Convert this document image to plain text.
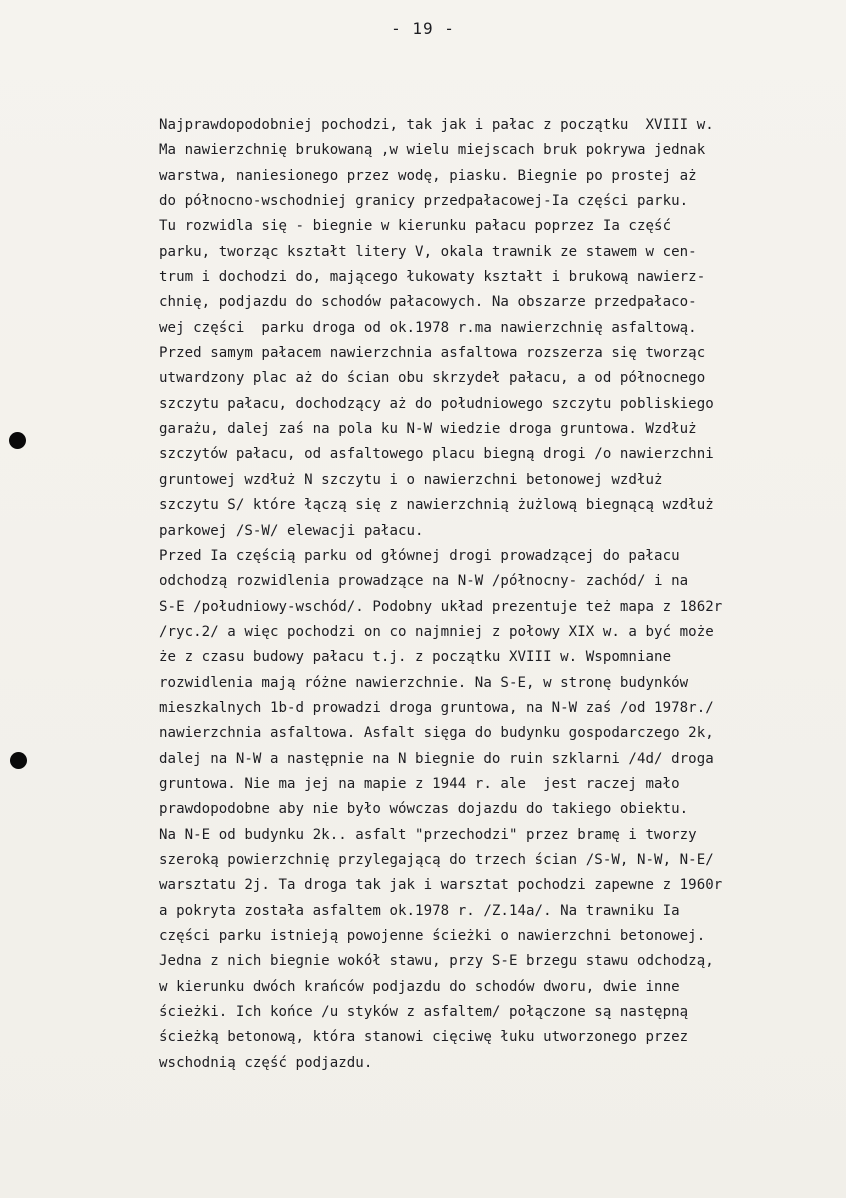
- 19 -
Najprawdopodobniej pochodzi, tak jak i pałac z początku  XVIII w.
Ma nawierzchnię brukowaną ,w wielu miejscach bruk pokrywa jednak
warstwa, naniesionego przez wodę, piasku. Biegnie po prostej aż
do północno-wschodniej granicy przedpałacowej-Ia części parku.
Tu rozwidla się - biegnie w kierunku pałacu poprzez Ia część
parku, tworząc kształt litery V, okala trawnik ze stawem w cen-
trum i dochodzi do, mającego łukowaty kształt i brukową nawierz-
chnię, podjazdu do schodów pałacowych. Na obszarze przedpałaco-
wej części  parku droga od ok.1978 r.ma nawierzchnię asfaltową.
Przed samym pałacem nawierzchnia asfaltowa rozszerza się tworząc
utwardzony plac aż do ścian obu skrzydeł pałacu, a od północnego
szczytu pałacu, dochodzący aż do południowego szczytu pobliskiego
garażu, dalej zaś na pola ku N-W wiedzie droga gruntowa. Wzdłuż
szczytów pałacu, od asfaltowego placu biegną drogi /o nawierzchni
gruntowej wzdłuż N szczytu i o nawierzchni betonowej wzdłuż
szczytu S/ które łączą się z nawierzchnią żużlową biegnącą wzdłuż
parkowej /S-W/ elewacji pałacu.
Przed Ia częścią parku od głównej drogi prowadzącej do pałacu
odchodzą rozwidlenia prowadzące na N-W /północny- zachód/ i na
S-E /południowy-wschód/. Podobny układ prezentuje też mapa z 1862r
/ryc.2/ a więc pochodzi on co najmniej z połowy XIX w. a być może
że z czasu budowy pałacu t.j. z początku XVIII w. Wspomniane
rozwidlenia mają różne nawierzchnie. Na S-E, w stronę budynków
mieszkalnych 1b-d prowadzi droga gruntowa, na N-W zaś /od 1978r./
nawierzchnia asfaltowa. Asfalt sięga do budynku gospodarczego 2k,
dalej na N-W a następnie na N biegnie do ruin szklarni /4d/ droga
gruntowa. Nie ma jej na mapie z 1944 r. ale  jest raczej mało
prawdopodobne aby nie było wówczas dojazdu do takiego obiektu.
Na N-E od budynku 2k.. asfalt "przechodzi" przez bramę i tworzy
szeroką powierzchnię przylegającą do trzech ścian /S-W, N-W, N-E/
warsztatu 2j. Ta droga tak jak i warsztat pochodzi zapewne z 1960r
a pokryta została asfaltem ok.1978 r. /Z.14a/. Na trawniku Ia
części parku istnieją powojenne ścieżki o nawierzchni betonowej.
Jedna z nich biegnie wokół stawu, przy S-E brzegu stawu odchodzą,
w kierunku dwóch krańców podjazdu do schodów dworu, dwie inne
ścieżki. Ich końce /u styków z asfaltem/ połączone są następną
ścieżką betonową, która stanowi cięciwę łuku utworzonego przez
wschodnią część podjazdu.
